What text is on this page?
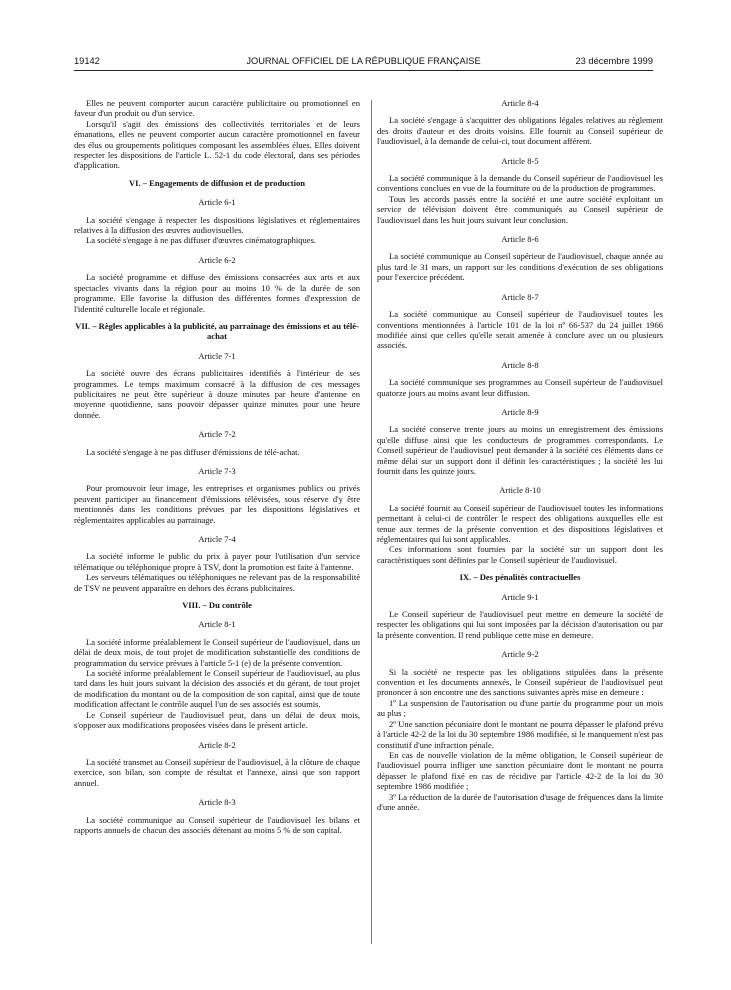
19142	JOURNAL OFFICIEL DE LA RÉPUBLIQUE FRANÇAISE	23 décembre 1999

Elles ne peuvent comporter aucun caractère publicitaire ou promotionnel en faveur d'un produit ou d'un service.

Lorsqu'il s'agit des émissions des collectivités territoriales et de leurs émanations, elles ne peuvent comporter aucun caractère promotionnel en faveur des élus ou groupements politiques composant les assemblées élues. Elles doivent respecter les dispositions de l'article L. 52-1 du code électoral, dans ses périodes d'application.

VI. – Engagements de diffusion et de production
Article 6-1

La société s'engage à respecter les dispositions législatives et réglementaires relatives à la diffusion des œuvres audiovisuelles.

La société s'engage à ne pas diffuser d'œuvres cinématographiques.

Article 6-2

La société programme et diffuse des émissions consacrées aux arts et aux spectacles vivants dans la région pour au moins 10 % de la durée de son programme. Elle favorise la diffusion des différentes formes d'expression de l'identité culturelle locale et régionale.

VII. – Règles applicables à la publicité, au parrainage des émissions et au télé-achat
Article 7-1

La société ouvre des écrans publicitaires identifiés à l'intérieur de ses programmes. Le temps maximum consacré à la diffusion de ces messages publicitaires ne peut être supérieur à douze minutes par heure d'antenne en moyenne quotidienne, sans pouvoir dépasser quinze minutes pour une heure donnée.

Article 7-2

La société s'engage à ne pas diffuser d'émissions de télé-achat.

Article 7-3

Pour promouvoir leur image, les entreprises et organismes publics ou privés peuvent participer au financement d'émissions télévisées, sous réserve d'y être mentionnés dans les conditions prévues par les dispositions législatives et réglementaires applicables au parrainage.

Article 7-4

La société informe le public du prix à payer pour l'utilisation d'un service télématique ou téléphonique propre à TSV, dont la promotion est faite à l'antenne.

Les serveurs télématiques ou téléphoniques ne relevant pas de la responsabilité de TSV ne peuvent apparaître en dehors des écrans publicitaires.

VIII. – Du contrôle
Article 8-1

La société informe préalablement le Conseil supérieur de l'audiovisuel, dans un délai de deux mois, de tout projet de modification substantielle des conditions de programmation du service prévues à l'article 5-1 (e) de la présente convention.

La société informe préalablement le Conseil supérieur de l'audiovisuel, au plus tard dans les huit jours suivant la décision des associés et du gérant, de tout projet de modification du montant ou de la composition de son capital, ainsi que de toute modification affectant le contrôle auquel l'un de ses associés est soumis.

Le Conseil supérieur de l'audiovisuel peut, dans un délai de deux mois, s'opposer aux modifications proposées visées dans le présent article.

Article 8-2

La société transmet au Conseil supérieur de l'audiovisuel, à la clôture de chaque exercice, son bilan, son compte de résultat et l'annexe, ainsi que son rapport annuel.

Article 8-3

La société communique au Conseil supérieur de l'audiovisuel les bilans et rapports annuels de chacun des associés détenant au moins 5 % de son capital.

Article 8-4

La société s'engage à s'acquitter des obligations légales relatives au règlement des droits d'auteur et des droits voisins. Elle fournit au Conseil supérieur de l'audiovisuel, à la demande de celui-ci, tout document afférent.

Article 8-5

La société communique à la demande du Conseil supérieur de l'audiovisuel les conventions conclues en vue de la fourniture ou de la production de programmes.

Tous les accords passés entre la société et une autre société exploitant un service de télévision doivent être communiqués au Conseil supérieur de l'audiovisuel dans les huit jours suivant leur conclusion.

Article 8-6

La société communique au Conseil supérieur de l'audiovisuel, chaque année au plus tard le 31 mars, un rapport sur les conditions d'exécution de ses obligations pour l'exercice précédent.

Article 8-7

La société communique au Conseil supérieur de l'audiovisuel toutes les conventions mentionnées à l'article 101 de la loi nº 66-537 du 24 juillet 1966 modifiée ainsi que celles qu'elle serait amenée à conclure avec un ou plusieurs associés.

Article 8-8

La société communique ses programmes au Conseil supérieur de l'audiovisuel quatorze jours au moins avant leur diffusion.

Article 8-9

La société conserve trente jours au moins un enregistrement des émissions qu'elle diffuse ainsi que les conducteurs de programmes correspondants. Le Conseil supérieur de l'audiovisuel peut demander à la société ces éléments dans ce même délai sur un support dont il définit les caractéristiques ; la société les lui fournit dans les quinze jours.

Article 8-10

La société fournit au Conseil supérieur de l'audiovisuel toutes les informations permettant à celui-ci de contrôler le respect des obligations auxquelles elle est tenue aux termes de la présente convention et des dispositions législatives et réglementaires qui lui sont applicables.

Ces informations sont fournies par la société sur un support dont les caractéristiques sont définies par le Conseil supérieur de l'audiovisuel.

IX. – Des pénalités contractuelles
Article 9-1

Le Conseil supérieur de l'audiovisuel peut mettre en demeure la société de respecter les obligations qui lui sont imposées par la décision d'autorisation ou par la présente convention. Il rend publique cette mise en demeure.

Article 9-2

Si la société ne respecte pas les obligations stipulées dans la présente convention et les documents annexés, le Conseil supérieur de l'audiovisuel peut prononcer à son encontre une des sanctions suivantes après mise en demeure :

1º La suspension de l'autorisation ou d'une partie du programme pour un mois au plus ;

2º Une sanction pécuniaire dont le montant ne pourra dépasser le plafond prévu à l'article 42-2 de la loi du 30 septembre 1986 modifiée, si le manquement n'est pas constitutif d'une infraction pénale.

En cas de nouvelle violation de la même obligation, le Conseil supérieur de l'audiovisuel pourra infliger une sanction pécuniaire dont le montant ne pourra dépasser le plafond fixé en cas de récidive par l'article 42-2 de la loi du 30 septembre 1986 modifiée ;

3º La réduction de la durée de l'autorisation d'usage de fréquences dans la limite d'une année.
